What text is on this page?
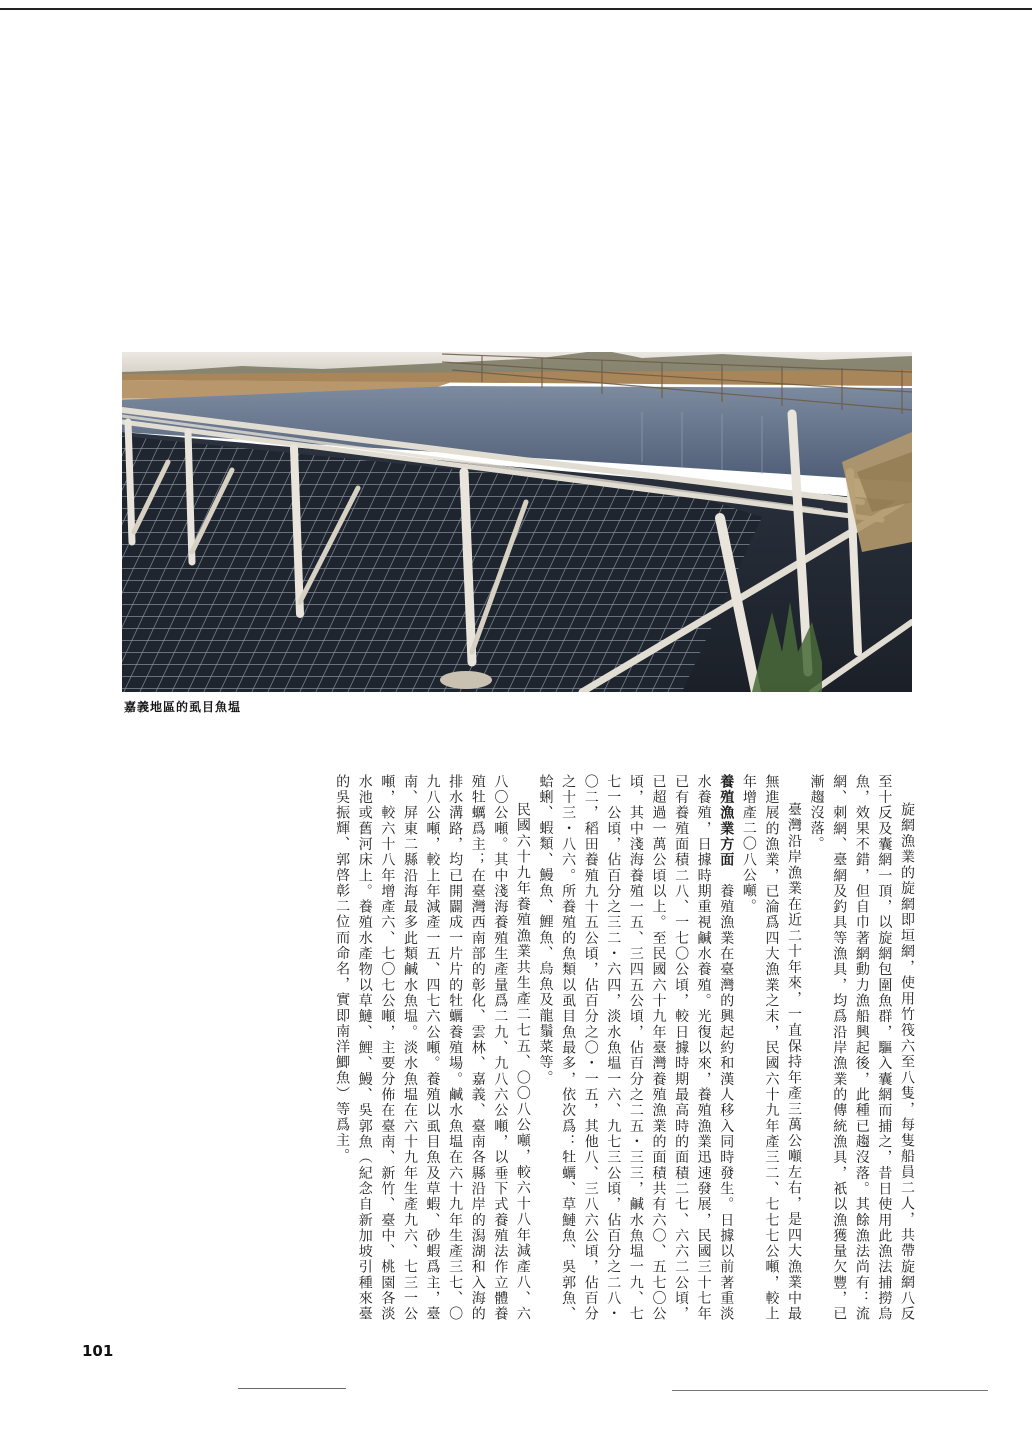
嘉義地區的虱目魚塭

旋網漁業的旋網即垣網，使用竹筏六至八隻，每隻船員二人，共帶旋網八反至十反及囊網一頂，以旋網包圍魚群，驅入囊網而捕之，昔日使用此漁法捕撈烏魚，效果不錯，但自巾著網動力漁船興起後，此種已趨沒落。其餘漁法尚有：流網、刺網、臺網及釣具等漁具，均爲沿岸漁業的傳統漁具，祇以漁獲量欠豐，已漸趨沒落。

臺灣沿岸漁業在近二十年來，一直保持年產三萬公噸左右，是四大漁業中最無進展的漁業，已淪爲四大漁業之末，民國六十九年產三二、七七七公噸，較上年增產二〇八公噸。

養殖漁業方面　養殖漁業在臺灣的興起約和漢人移入同時發生。日據以前著重淡水養殖，日據時期重視鹹水養殖。光復以來，養殖漁業迅速發展，民國三十七年已有養殖面積二八、一七〇公頃，較日據時期最高時的面積二七、六六二公頃，已超過一萬公頃以上。至民國六十九年臺灣養殖漁業的面積共有六〇、五七〇公頃，其中淺海養殖一五、三四五公頃，佔百分之二五・三三，鹹水魚塭一九、七七一公頃，佔百分之三二・六四，淡水魚塭一六、九七三公頃，佔百分之二八・〇二，稻田養殖九十五公頃，佔百分之〇・一五，其他八、三八六公頃，佔百分之十三・八六。所養殖的魚類以虱目魚最多，依次爲：牡蠣、草鰱魚、吳郭魚、蛤蜊、蝦類、鰻魚、鯉魚、烏魚及龍鬚菜等。

民國六十九年養殖漁業共生產二七五、〇〇八公噸，較六十八年減產八、六八〇公噸。其中淺海養殖生產量爲二九、九八六公噸，以垂下式養殖法作立體養殖牡蠣爲主；在臺灣西南部的彰化、雲林、嘉義、臺南各縣沿岸的潟湖和入海的排水溝路，均已開闢成一片片的牡蠣養殖場。鹹水魚塭在六十九年生產三七、〇九八公噸，較上年減產一五、四七六公噸。養殖以虱目魚及草蝦、砂蝦爲主，臺南、屏東二縣沿海最多此類鹹水魚塭。淡水魚塭在六十九年生產九六、七三一公噸，較六十八年增產六、七〇七公噸，主要分佈在臺南、新竹、臺中、桃園各淡水池或舊河床上。養殖水產物以草鰱、鯉、鰻、吳郭魚（紀念自新加坡引種來臺的吳振輝、郭啓彰二位而命名，實即南洋鯽魚）等爲主。

101
